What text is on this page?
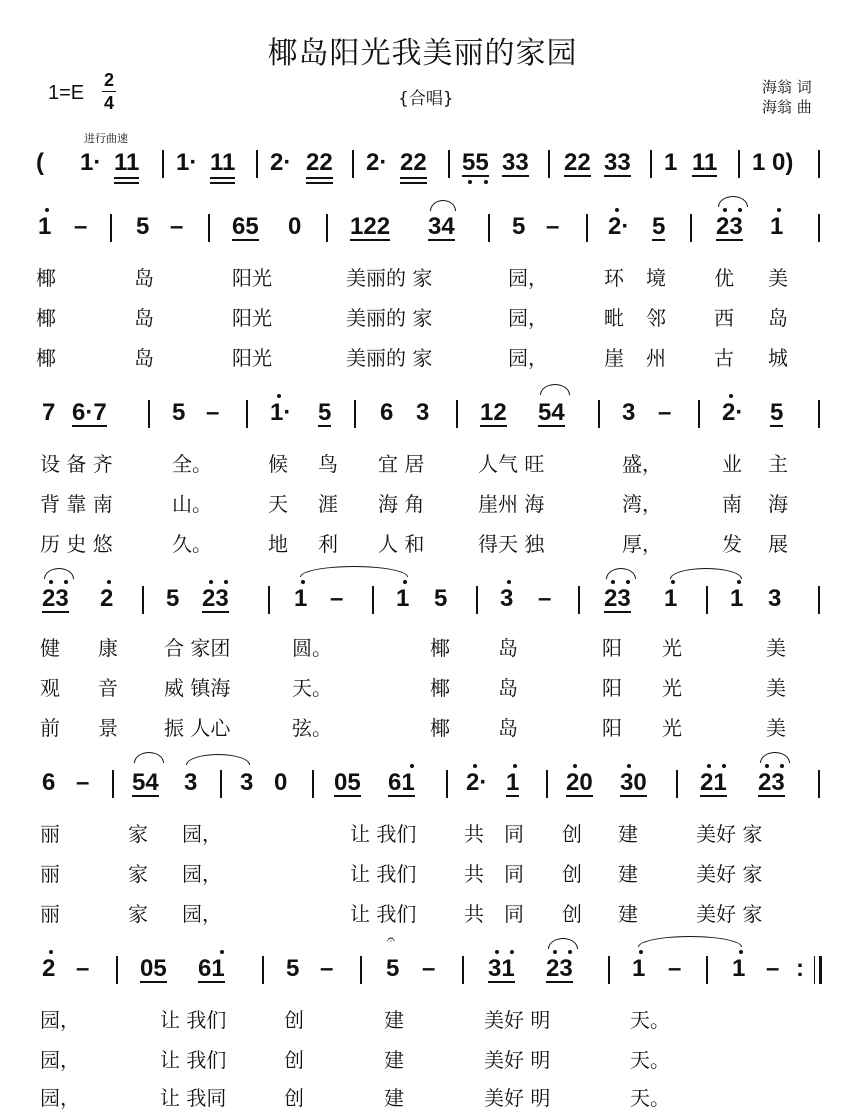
椰岛阳光我美丽的家园
1=E
2
4	{合唱}
海翁 词
海翁 曲
进行曲速
( 1· 11 1· 11 2· 22 2· 22 55 33 22 33 1 11 1 0)
1 – 5 – 65 0 122 34 5 – 2· 5 23 1
椰	岛	阳光	美丽的 家	园，	环 境 优 美
椰	岛	阳光	美丽的 家	园，	毗 邻 西 岛
椰	岛	阳光	美丽的 家	园，	崖 州 古 城
7 6·7	5 – 1· 5 6 3 12 54 3 – 2· 5
设 备 齐	全。	候 鸟 宜 居	人气 旺	盛，	业 主
背 靠 南	山。	天 涯 海 角	崖州 海	湾，	南 海
历 史 悠	久。	地 利 人 和	得天 独	厚，	发 展
23 2 5 23	1 – 1 5 3 – 23 1 1 3
健 康 合 家团	圆。	椰 岛	阳 光	美
观 音 威 镇海	天。	椰 岛	阳 光	美
前 景 振 人心	弦。	椰 岛	阳 光	美
6 – 54 3 3 0 05 61 2· 1 20 30 21 23
丽	家 园，	让 我们 共 同 创 建	美好 家
丽	家 园，	让 我们 共 同 创 建	美好 家
丽	家 园，	让 我们 共 同 创 建	美好 家
2 – 05 61	5 – 5
𝄐
– 31 23 1 – 1 – :
园，	让 我们	创	建	美好 明	天。
园，	让 我们	创	建	美好 明	天。
园，	让 我同	创	建	美好 明	天。
